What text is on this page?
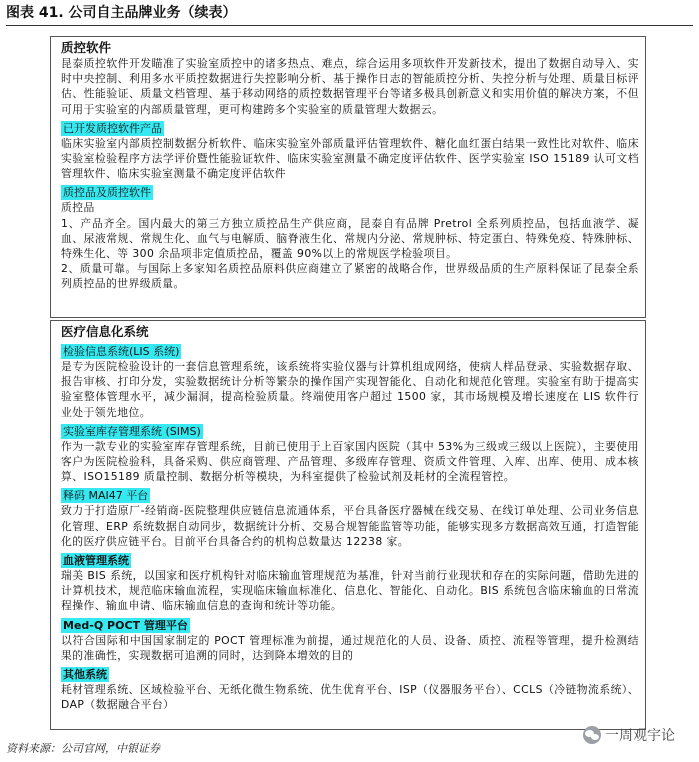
图表 41. 公司自主品牌业务（续表）
质控软件

昆泰质控软件开发瞄准了实验室质控中的诸多热点、难点，综合运用多项软件开发新技术，提出了数据自动导入、实时中央控制、利用多水平质控数据进行失控影响分析、基于操作日志的智能质控分析、失控分析与处理、质量目标评估、性能验证、质量文档管理、基于移动网络的质控数据管理平台等诸多极具创新意义和实用价值的解决方案，不但可用于实验室的内部质量管理，更可构建跨多个实验室的质量管理大数据云。

已开发质控软件产品

临床实验室内部质控制数据分析软件、临床实验室外部质量评估管理软件、糖化血红蛋白结果一致性比对软件、临床实验室检验程序方法学评价暨性能验证软件、临床实验室测量不确定度评估软件、医学实验室 ISO 15189 认可文档管理软件、临床实验室测量不确定度评估软件

质控品及质控软件

质控品

1、产品齐全。国内最大的第三方独立质控品生产供应商，昆泰自有品牌 Pretrol 全系列质控品，包括血液学、凝血、尿液常规、常规生化、血气与电解质、脑脊液生化、常规内分泌、常规肿标、特定蛋白、特殊免疫、特殊肿标、特殊生化、等 300 余品项非定值质控品，覆盖 90%以上的常规医学检验项目。

2、质量可靠。与国际上多家知名质控品原料供应商建立了紧密的战略合作，世界级品质的生产原料保证了昆泰全系列质控品的世界级质量。

医疗信息化系统
检验信息系统(LIS 系统)

是专为医院检验设计的一套信息管理系统，该系统将实验仪器与计算机组成网络，使病人样品登录、实验数据存取、报告审核、打印分发，实验数据统计分析等繁杂的操作国产实现智能化、自动化和规范化管理。实验室有助于提高实验室整体管理水平，减少漏洞，提高检验质量。终端使用客户超过 1500 家，其市场规模及增长速度在 LIS 软件行业处于领先地位。

实验室库存管理系统 (SIMS)

作为一款专业的实验室库存管理系统，目前已使用于上百家国内医院（其中 53%为三级或三级以上医院），主要使用客户为医院检验科，具备采购、供应商管理、产品管理、多级库存管理、资质文件管理、入库、出库、使用、成本核算、ISO15189 质量控制、数据分析等模块，为科室提供了检验试剂及耗材的全流程管控。

释码 MAI47 平台

致力于打造原厂-经销商-医院整理供应链信息流通体系，平台具备医疗器械在线交易、在线订单处理、公司业务信息化管理、ERP 系统数据自动同步，数据统计分析、交易合规智能监管等功能，能够实现多方数据高效互通，打造智能化的医疗供应链平台。目前平台具备合约的机构总数量达 12238 家。

血液管理系统

瑞美 BIS 系统，以国家和医疗机构针对临床输血管理规范为基准，针对当前行业现状和存在的实际问题，借助先进的计算机技术，规范临床输血流程，实现临床输血标准化、信息化、智能化、自动化。BIS 系统包含临床输血的日常流程操作、输血申请、临床输血信息的查询和统计等功能。

Med-Q POCT 管理平台

以符合国际和中国国家制定的 POCT 管理标准为前提，通过规范化的人员、设备、质控、流程等管理，提升检测结果的准确性，实现数据可追溯的同时，达到降本增效的目的

其他系统

耗材管理系统、区域检验平台、无纸化微生物系统、优生优育平台、ISP（仪器服务平台）、CCLS（冷链物流系统）、DAP（数据融合平台）

资料来源：公司官网，中银证券
一周观宇论
